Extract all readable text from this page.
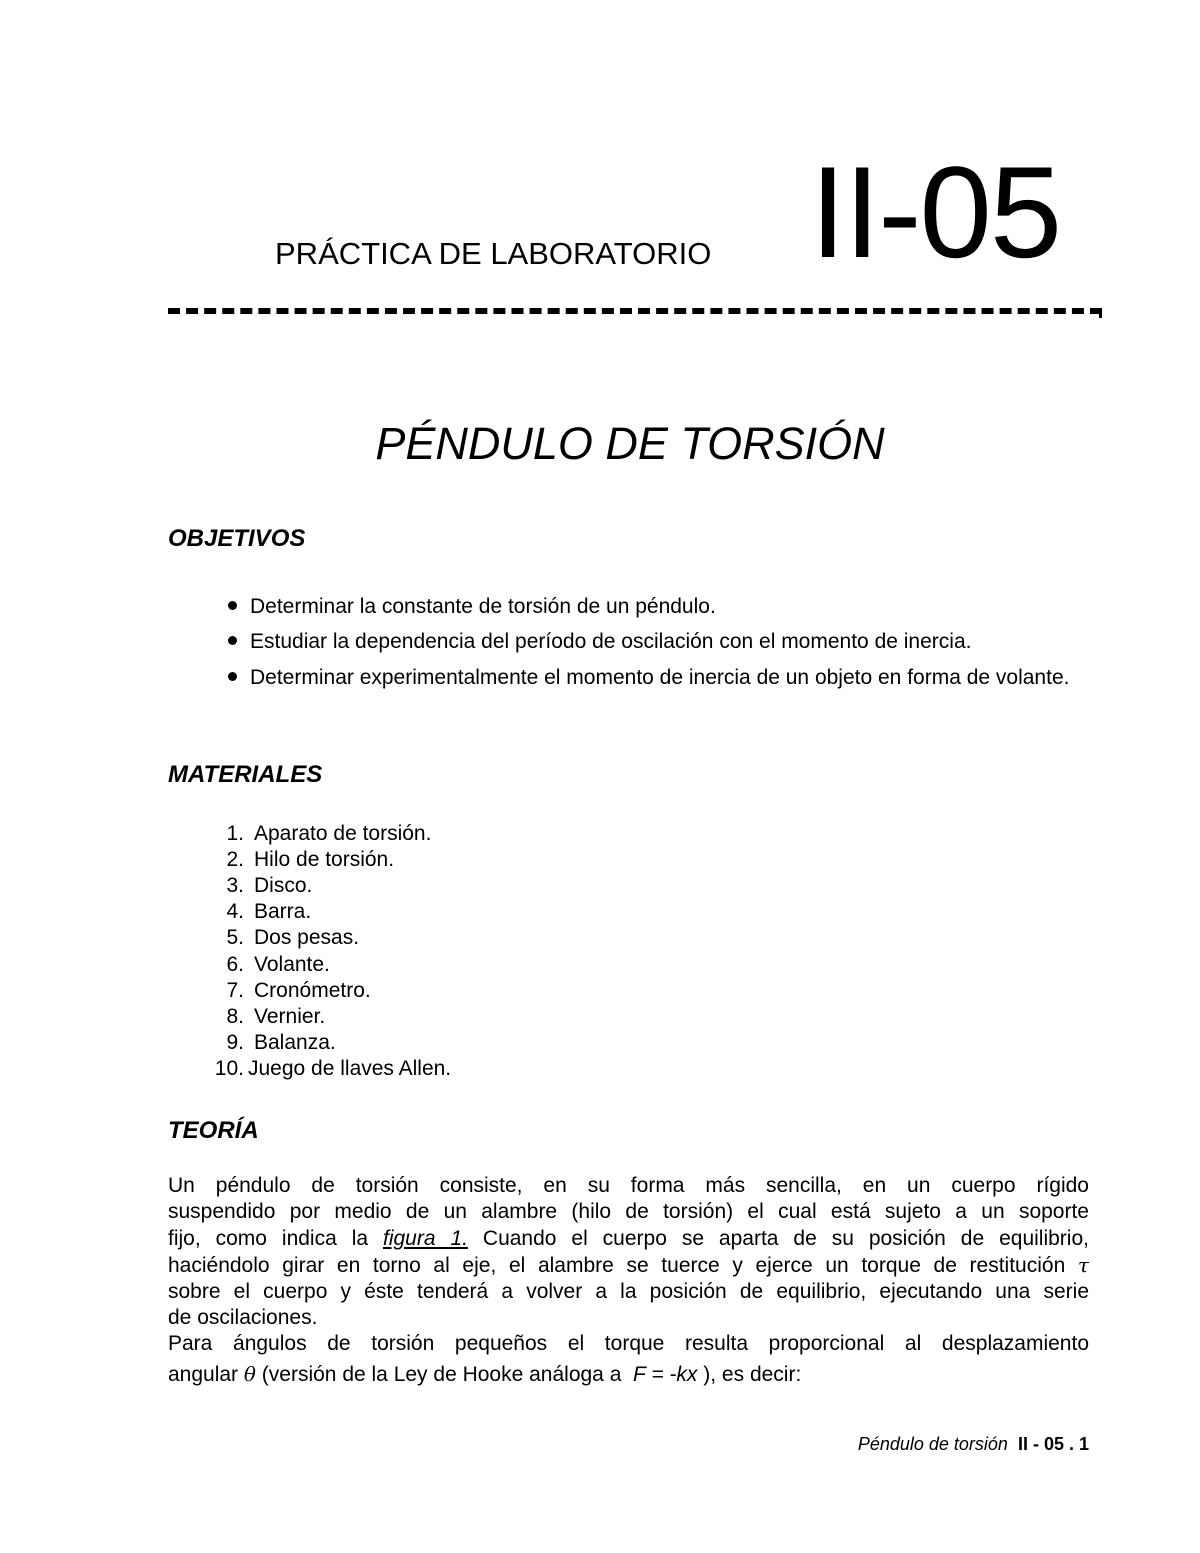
PRÁCTICA DE LABORATORIO II-05
PÉNDULO DE TORSIÓN
OBJETIVOS
Determinar la constante de torsión de un péndulo.
Estudiar la dependencia del período de oscilación con el momento de inercia.
Determinar experimentalmente el momento de inercia de un objeto en forma de volante.
MATERIALES
1. Aparato de torsión.
2. Hilo de torsión.
3. Disco.
4. Barra.
5. Dos pesas.
6. Volante.
7. Cronómetro.
8. Vernier.
9. Balanza.
10. Juego de llaves Allen.
TEORÍA
Un péndulo de torsión consiste, en su forma más sencilla, en un cuerpo rígido
suspendido por medio de un alambre (hilo de torsión) el cual está sujeto a un soporte
fijo, como indica la figura 1. Cuando el cuerpo se aparta de su posición de equilibrio,
haciéndolo girar en torno al eje, el alambre se tuerce y ejerce un torque de restitución τ
sobre el cuerpo y éste tenderá a volver a la posición de equilibrio, ejecutando una serie
de oscilaciones.
Para ángulos de torsión pequeños el torque resulta proporcional al desplazamiento
angular θ (versión de la Ley de Hooke análoga a F = -kx ), es decir:
Péndulo de torsión II - 05 . 1
